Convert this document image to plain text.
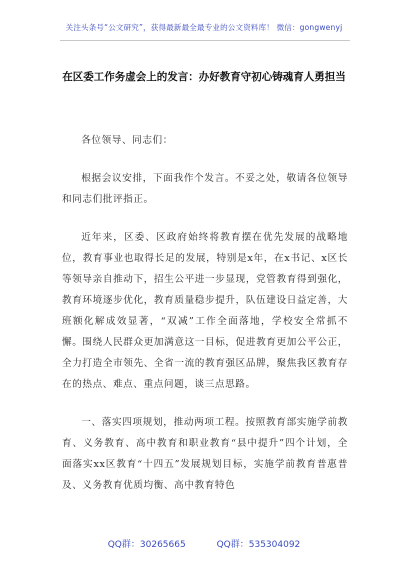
关注头条号“公文研究”，获得最新最全最专业的公文资料库！ 微信：gongwenyj
在区委工作务虚会上的发言：办好教育守初心铸魂育人勇担当

各位领导、同志们：

根据会议安排，下面我作个发言。不妥之处，敬请各位领导和同志们批评指正。

近年来，区委、区政府始终将教育摆在优先发展的战略地位，教育事业也取得长足的发展，特别是x年，在x书记、x区长等领导亲自推动下，招生公平进一步显现，党管教育得到强化，教育环境逐步优化，教育质量稳步提升，队伍建设日益定善，大班额化解成效显著，“双减”工作全面落地，学校安全常抓不懈。围绕人民群众更加满意这一目标，促进教育更加公平公正，全力打造全市领先、全省一流的教育强区品牌，聚焦我区教育存在的热点、难点、重点问题，谈三点思路。

一、落实四项规划，推动两项工程。按照教育部实施学前教育、义务教育、高中教育和职业教育“县中提升”四个计划，全面落实xx区教育“十四五”发展规划目标，实施学前教育普惠普及、义务教育优质均衡、高中教育特色

QQ群：30265665	QQ群：535304092
